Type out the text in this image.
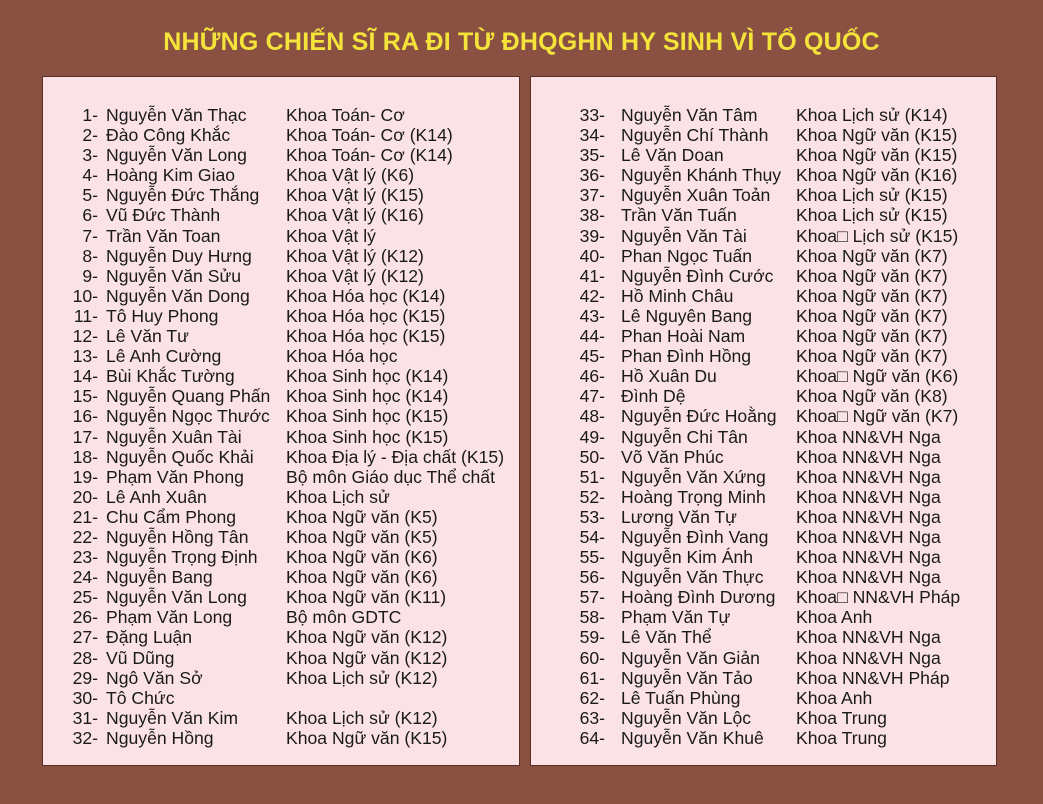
NHỮNG CHIẾN SĨ RA ĐI TỪ ĐHQGHN HY SINH VÌ TỔ QUỐC
1- Nguyễn Văn Thạc Khoa Toán- Cơ
2- Đào Công Khắc	Khoa Toán- Cơ (K14)
3- Nguyễn Văn Long Khoa Toán- Cơ (K14)
4- Hoàng Kim Giao	Khoa Vật lý (K6)
5- Nguyễn Đức Thắng Khoa Vật lý (K15)
6- Vũ Đức Thành	Khoa Vật lý (K16)
7- Trần Văn Toan	Khoa Vật lý
8- Nguyễn Duy Hưng Khoa Vật lý (K12)
9- Nguyễn Văn Sửu	Khoa Vật lý (K12)
10- Nguyễn Văn Dong Khoa Hóa học (K14)
11- Tô Huy Phong	Khoa Hóa học (K15)
12- Lê Văn Tư	Khoa Hóa học (K15)
13- Lê Anh Cường	Khoa Hóa học
14- Bùi Khắc Tường	Khoa Sinh học (K14)
15- Nguyễn Quang Phấn Khoa Sinh học (K14)
16- Nguyễn Ngọc Thước Khoa Sinh học (K15)
17- Nguyễn Xuân Tài	Khoa Sinh học (K15)
18- Nguyễn Quốc Khải Khoa Địa lý - Địa chất (K15)
19- Phạm Văn Phong Bộ môn Giáo dục Thể chất
20- Lê Anh Xuân	Khoa Lịch sử
21- Chu Cẩm Phong	Khoa Ngữ văn (K5)
22- Nguyễn Hồng Tân Khoa Ngữ văn (K5)
23- Nguyễn Trọng Định Khoa Ngữ văn (K6)
24- Nguyễn Bang	Khoa Ngữ văn (K6)
25- Nguyễn Văn Long Khoa Ngữ văn (K11)
26- Phạm Văn Long	Bộ môn GDTC
27- Đặng Luận	Khoa Ngữ văn (K12)
28- Vũ Dũng	Khoa Ngữ văn (K12)
29- Ngô Văn Sở	Khoa Lịch sử (K12)
30- Tô Chức
31- Nguyễn Văn Kim	Khoa Lịch sử (K12)
32- Nguyễn Hồng	Khoa Ngữ văn (K15)
33- Nguyễn Văn Tâm Khoa Lịch sử (K14)
34- Nguyễn Chí Thành Khoa Ngữ văn (K15)
35- Lê Văn Doan	Khoa Ngữ văn (K15)
36- Nguyễn Khánh Thụy Khoa Ngữ văn (K16)
37- Nguyễn Xuân Toản Khoa Lịch sử (K15)
38- Trần Văn Tuấn	Khoa Lịch sử (K15)
39- Nguyễn Văn Tài	Khoa□ Lịch sử (K15)
40- Phan Ngọc Tuấn Khoa Ngữ văn (K7)
41- Nguyễn Đình Cước Khoa Ngữ văn (K7)
42- Hồ Minh Châu	Khoa Ngữ văn (K7)
43- Lê Nguyên Bang Khoa Ngữ văn (K7)
44- Phan Hoài Nam	Khoa Ngữ văn (K7)
45- Phan Đình Hồng	Khoa Ngữ văn (K7)
46- Hồ Xuân Du	Khoa□ Ngữ văn (K6)
47- Đình Dệ	Khoa Ngữ văn (K8)
48- Nguyễn Đức Hoằng Khoa□ Ngữ văn (K7)
49- Nguyễn Chi Tân	Khoa NN&VH Nga
50- Võ Văn Phúc	Khoa NN&VH Nga
51- Nguyễn Văn Xứng Khoa NN&VH Nga
52- Hoàng Trọng Minh Khoa NN&VH Nga
53- Lương Văn Tự	Khoa NN&VH Nga
54- Nguyễn Đình Vang Khoa NN&VH Nga
55- Nguyễn Kim Ánh Khoa NN&VH Nga
56- Nguyễn Văn Thực Khoa NN&VH Nga
57- Hoàng Đình Dương Khoa□ NN&VH Pháp
58- Phạm Văn Tự	Khoa Anh
59- Lê Văn Thể	Khoa NN&VH Nga
60- Nguyễn Văn Giản Khoa NN&VH Nga
61- Nguyễn Văn Tảo Khoa NN&VH Pháp
62- Lê Tuấn Phùng	Khoa Anh
63- Nguyễn Văn Lộc	Khoa Trung
64- Nguyễn Văn Khuê Khoa Trung
